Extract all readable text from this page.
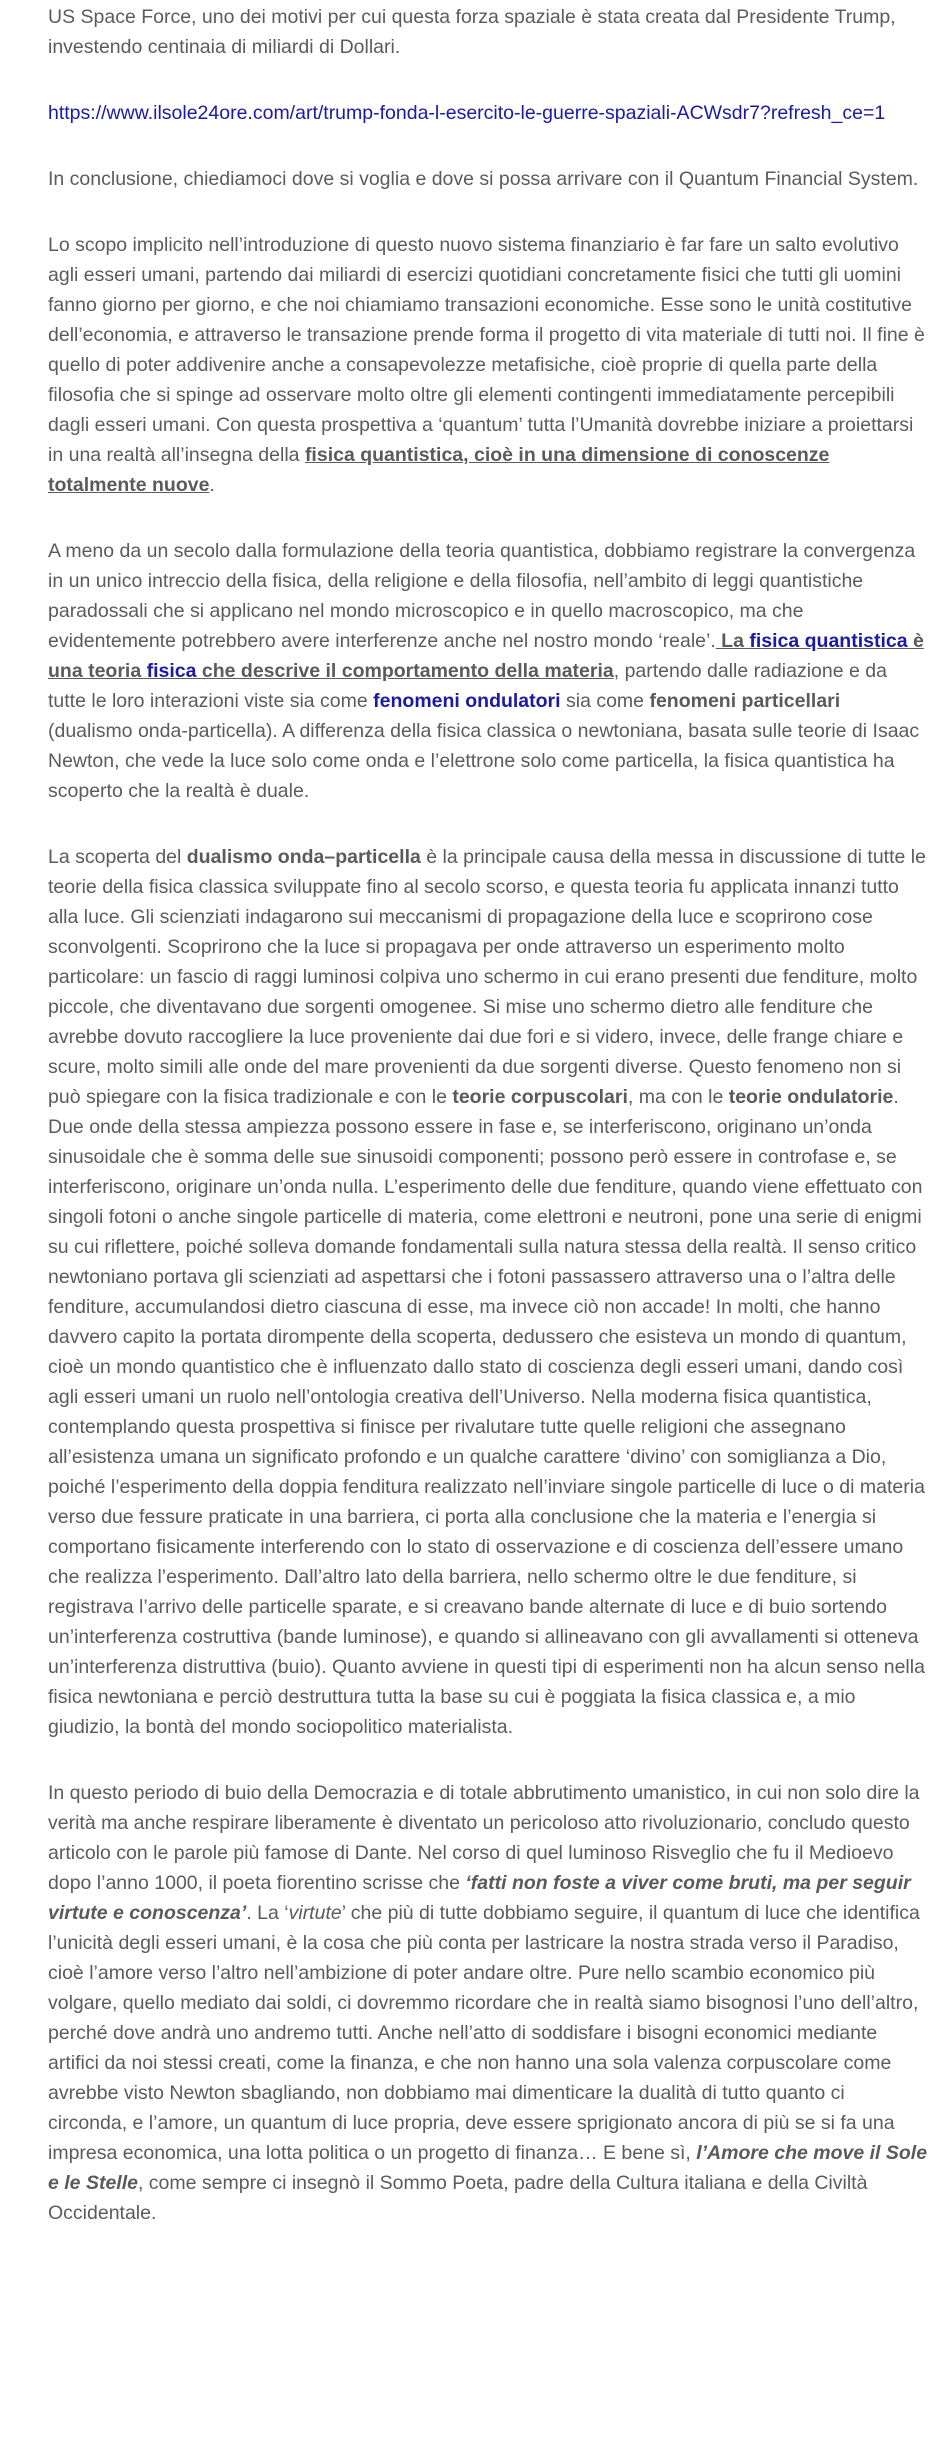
US Space Force, uno dei motivi per cui questa forza spaziale è stata creata dal Presidente Trump, investendo centinaia di miliardi di Dollari.

https://www.ilsole24ore.com/art/trump-fonda-l-esercito-le-guerre-spaziali-ACWsdr7?refresh_ce=1

In conclusione, chiediamoci dove si voglia e dove si possa arrivare con il Quantum Financial System.

Lo scopo implicito nell’introduzione di questo nuovo sistema finanziario è far fare un salto evolutivo agli esseri umani, partendo dai miliardi di esercizi quotidiani concretamente fisici che tutti gli uomini fanno giorno per giorno, e che noi chiamiamo transazioni economiche. Esse sono le unità costitutive dell’economia, e attraverso le transazione prende forma il progetto di vita materiale di tutti noi. Il fine è quello di poter addivenire anche a consapevolezze metafisiche, cioè proprie di quella parte della filosofia che si spinge ad osservare molto oltre gli elementi contingenti immediatamente percepibili dagli esseri umani. Con questa prospettiva a ‘quantum’ tutta l’Umanità dovrebbe iniziare a proiettarsi in una realtà all’insegna della fisica quantistica, cioè in una dimensione di conoscenze totalmente nuove.

A meno da un secolo dalla formulazione della teoria quantistica, dobbiamo registrare la convergenza in un unico intreccio della fisica, della religione e della filosofia, nell’ambito di leggi quantistiche paradossali che si applicano nel mondo microscopico e in quello macroscopico, ma che evidentemente potrebbero avere interferenze anche nel nostro mondo ‘reale’. La fisica quantistica è una teoria fisica che descrive il comportamento della materia, partendo dalle radiazione e da tutte le loro interazioni viste sia come fenomeni ondulatori sia come fenomeni particellari (dualismo onda-particella). A differenza della fisica classica o newtoniana, basata sulle teorie di Isaac Newton, che vede la luce solo come onda e l’elettrone solo come particella, la fisica quantistica ha scoperto che la realtà è duale.

La scoperta del dualismo onda–particella è la principale causa della messa in discussione di tutte le teorie della fisica classica sviluppate fino al secolo scorso, e questa teoria fu applicata innanzi tutto alla luce. Gli scienziati indagarono sui meccanismi di propagazione della luce e scoprirono cose sconvolgenti. Scoprirono che la luce si propagava per onde attraverso un esperimento molto particolare: un fascio di raggi luminosi colpiva uno schermo in cui erano presenti due fenditure, molto piccole, che diventavano due sorgenti omogenee. Si mise uno schermo dietro alle fenditure che avrebbe dovuto raccogliere la luce proveniente dai due fori e si videro, invece, delle frange chiare e scure, molto simili alle onde del mare provenienti da due sorgenti diverse. Questo fenomeno non si può spiegare con la fisica tradizionale e con le teorie corpuscolari, ma con le teorie ondulatorie. Due onde della stessa ampiezza possono essere in fase e, se interferiscono, originano un’onda sinusoidale che è somma delle sue sinusoidi componenti; possono però essere in controfase e, se interferiscono, originare un’onda nulla. L’esperimento delle due fenditure, quando viene effettuato con singoli fotoni o anche singole particelle di materia, come elettroni e neutroni, pone una serie di enigmi su cui riflettere, poiché solleva domande fondamentali sulla natura stessa della realtà. Il senso critico newtoniano portava gli scienziati ad aspettarsi che i fotoni passassero attraverso una o l’altra delle fenditure, accumulandosi dietro ciascuna di esse, ma invece ciò non accade! In molti, che hanno davvero capito la portata dirompente della scoperta, dedussero che esisteva un mondo di quantum, cioè un mondo quantistico che è influenzato dallo stato di coscienza degli esseri umani, dando così agli esseri umani un ruolo nell’ontologia creativa dell’Universo. Nella moderna fisica quantistica, contemplando questa prospettiva si finisce per rivalutare tutte quelle religioni che assegnano all’esistenza umana un significato profondo e un qualche carattere ‘divino’ con somiglianza a Dio, poiché l’esperimento della doppia fenditura realizzato nell’inviare singole particelle di luce o di materia verso due fessure praticate in una barriera, ci porta alla conclusione che la materia e l’energia si comportano fisicamente interferendo con lo stato di osservazione e di coscienza dell’essere umano che realizza l’esperimento. Dall’altro lato della barriera, nello schermo oltre le due fenditure, si registrava l’arrivo delle particelle sparate, e si creavano bande alternate di luce e di buio sortendo un’interferenza costruttiva (bande luminose), e quando si allineavano con gli avvallamenti si otteneva un’interferenza distruttiva (buio). Quanto avviene in questi tipi di esperimenti non ha alcun senso nella fisica newtoniana e perciò destruttura tutta la base su cui è poggiata la fisica classica e, a mio giudizio, la bontà del mondo sociopolitico materialista.

In questo periodo di buio della Democrazia e di totale abbrutimento umanistico, in cui non solo dire la verità ma anche respirare liberamente è diventato un pericoloso atto rivoluzionario, concludo questo articolo con le parole più famose di Dante. Nel corso di quel luminoso Risveglio che fu il Medioevo dopo l’anno 1000, il poeta fiorentino scrisse che ‘fatti non foste a viver come bruti, ma per seguir virtute e conoscenza’. La ‘virtute’ che più di tutte dobbiamo seguire, il quantum di luce che identifica l’unicità degli esseri umani, è la cosa che più conta per lastricare la nostra strada verso il Paradiso, cioè l’amore verso l’altro nell’ambizione di poter andare oltre. Pure nello scambio economico più volgare, quello mediato dai soldi, ci dovremmo ricordare che in realtà siamo bisognosi l’uno dell’altro, perché dove andrà uno andremo tutti. Anche nell’atto di soddisfare i bisogni economici mediante artifici da noi stessi creati, come la finanza, e che non hanno una sola valenza corpuscolare come avrebbe visto Newton sbagliando, non dobbiamo mai dimenticare la dualità di tutto quanto ci circonda, e l’amore, un quantum di luce propria, deve essere sprigionato ancora di più se si fa una impresa economica, una lotta politica o un progetto di finanza… E bene sì, l’Amore che move il Sole e le Stelle, come sempre ci insegnò il Sommo Poeta, padre della Cultura italiana e della Civiltà Occidentale.
